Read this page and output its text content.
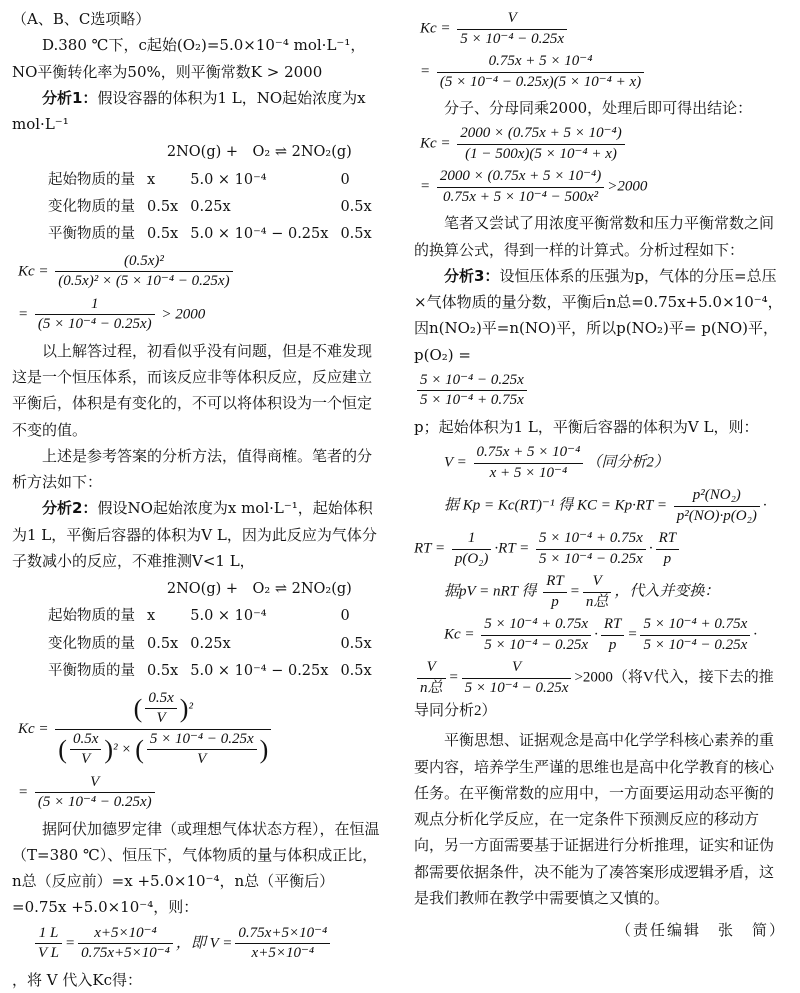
（A、B、C选项略）

D.380 ℃下，c起始(O₂)=5.0×10⁻⁴ mol·L⁻¹，NO平衡转化率为50%，则平衡常数K > 2000

分析1：假设容器的体积为1 L，NO起始浓度为x mol·L⁻¹

	2NO(g) +　O₂ ⇌ 2NO₂(g)		
起始物质的量	x	5.0 × 10⁻⁴	0
变化物质的量	0.5x	0.25x	0.5x
平衡物质的量	0.5x	5.0 × 10⁻⁴ − 0.25x	0.5x
$Kc = \frac{\text{(0.5x)²}}{\text{(0.5x)² × (5 × 10⁻⁴ − 0.25x)}}$
= $\frac{1}{\text{(5 × 10⁻⁴ − 0.25x)}} > 2000$

以上解答过程，初看似乎没有问题，但是不难发现这是一个恒压体系，而该反应非等体积反应，反应建立平衡后，体积是有变化的，不可以将体积设为一个恒定不变的值。

上述是参考答案的分析方法，值得商榷。笔者的分析方法如下：

分析2：假设NO起始浓度为x mol·L⁻¹，起始体积为1 L，平衡后容器的体积为V L，因为此反应为气体分子数减小的反应，不难推测V<1 L，

	2NO(g) +　O₂ ⇌ 2NO₂(g)		
起始物质的量	x	5.0 × 10⁻⁴	0
变化物质的量	0.5x	0.25x	0.5x
平衡物质的量	0.5x	5.0 × 10⁻⁴ − 0.25x	0.5x
$Kc = \frac{( \frac{0.5x}{V} )^2}{( \frac{0.5x}{V} )^2 \times ( \frac{\text{5 × 10⁻⁴ − 0.25x}}{V} )}$
= $\frac{V}{\text{(5 × 10⁻⁴ − 0.25x)}}$

据阿伏加德罗定律（或理想气体状态方程），在恒温（T=380 ℃）、恒压下，气体物质的量与体积成正比，n总（反应前）=x +5.0×10⁻⁴，n总（平衡后）=0.75x +5.0×10⁻⁴，则：

$\frac{1 L}{\text{V L}} = \frac{\text{x+5×10⁻⁴}}{\text{0.75x+5×10⁻⁴}}$ ，即 $V = \frac{\text{0.75x+5×10⁻⁴}}{\text{x+5×10⁻⁴}}$

，将 V 代入Kc得：

$Kc = \frac{V}{\text{5 × 10⁻⁴ − 0.25x}}$
= $\frac{\text{0.75x + 5 × 10⁻⁴}}{\text{(5 × 10⁻⁴ − 0.25x)(5 × 10⁻⁴ + x)}}$

分子、分母同乘2000，处理后即可得出结论：

$Kc = \frac{\text{2000 × (0.75x + 5 × 10⁻⁴)}}{\text{(1 − 500x)(5 × 10⁻⁴ + x)}}$
= $\frac{\text{2000 × (0.75x + 5 × 10⁻⁴)}}{\text{0.75x + 5 × 10⁻⁴ − 500x²}} >2000$

笔者又尝试了用浓度平衡常数和压力平衡常数之间的换算公式，得到一样的计算式。分析过程如下：

分析3：设恒压体系的压强为p，气体的分压=总压×气体物质的量分数，平衡后n总=0.75x+5.0×10⁻⁴，因n(NO₂)平=n(NO)平，所以p(NO₂)平= p(NO)平，p(O₂) =

$\frac{\text{5 × 10⁻⁴ − 0.25x}}{\text{5 × 10⁻⁴ + 0.75x}}$

p；起始体积为1 L，平衡后容器的体积为V L，则：

$V = \frac{\text{0.75x + 5 × 10⁻⁴}}{\text{x + 5 × 10⁻⁴}}$ （同分析2）
据 Kp = Kc(RT)⁻¹ 得 KC = $Kp\cdot RT = \frac{\text{p²(NO₂)}}{\text{p²(NO)·p(O₂)}}$ ·
RT = $\frac{1}{\text{p(O₂)}} \cdot RT = \frac{\text{5 × 10⁻⁴ + 0.75x}}{\text{5 × 10⁻⁴ − 0.25x}} \cdot \frac{RT}{p}$
据pV = nRT 得 $\frac{RT}{p} = \frac{V}{\text{n总}}$ ，代入并变换：
$Kc = \frac{\text{5 × 10⁻⁴ + 0.75x}}{\text{5 × 10⁻⁴ − 0.25x}} \cdot \frac{RT}{p} = \frac{\text{5 × 10⁻⁴ + 0.75x}}{\text{5 × 10⁻⁴ − 0.25x}}$ ·
$\frac{V}{\text{n总}} = \frac{V}{\text{5 × 10⁻⁴ − 0.25x}} >2000$（将V代入，接下去的推导同分析2）

平衡思想、证据观念是高中化学学科核心素养的重要内容，培养学生严谨的思维也是高中化学教育的核心任务。在平衡常数的应用中，一方面要运用动态平衡的观点分析化学反应，在一定条件下预测反应的移动方向，另一方面需要基于证据进行分析推理，证实和证伪都需要依据条件，决不能为了凑答案形成逻辑矛盾，这是我们教师在教学中需要慎之又慎的。

（责任编辑　张　简）
